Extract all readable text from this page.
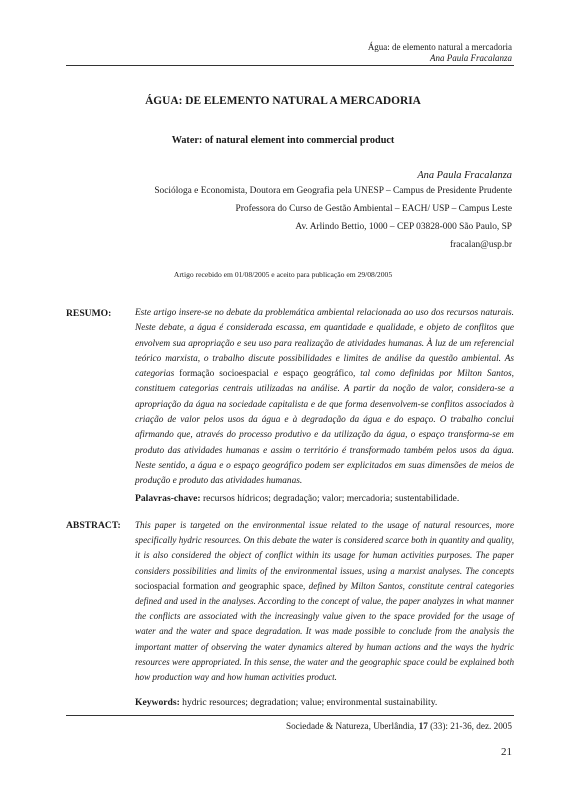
Água: de elemento natural a mercadoria
Ana Paula Fracalanza
ÁGUA: DE ELEMENTO NATURAL A MERCADORIA
Water: of natural element into commercial product
Ana Paula Fracalanza
Socióloga e Economista, Doutora em Geografia pela UNESP – Campus de Presidente Prudente
Professora do Curso de Gestão Ambiental – EACH/ USP – Campus Leste
Av. Arlindo Bettio, 1000 – CEP 03828-000 São Paulo, SP
fracalan@usp.br
Artigo recebido em 01/08/2005 e aceito para publicação em 29/08/2005
RESUMO:	Este artigo insere-se no debate da problemática ambiental relacionada ao uso dos recursos naturais. Neste debate, a água é considerada escassa, em quantidade e qualidade, e objeto de conflitos que envolvem sua apropriação e seu uso para realização de atividades humanas. À luz de um referencial teórico marxista, o trabalho discute possibilidades e limites de análise da questão ambiental. As categorias formação socioespacial e espaço geográfico, tal como definidas por Milton Santos, constituem categorias centrais utilizadas na análise. A partir da noção de valor, considera-se a apropriação da água na sociedade capitalista e de que forma desenvolvem-se conflitos associados à criação de valor pelos usos da água e à degradação da água e do espaço. O trabalho conclui afirmando que, através do processo produtivo e da utilização da água, o espaço transforma-se em produto das atividades humanas e assim o território é transformado também pelos usos da água. Neste sentido, a água e o espaço geográfico podem ser explicitados em suas dimensões de meios de produção e produto das atividades humanas.
Palavras-chave: recursos hídricos; degradação; valor; mercadoria; sustentabilidade.
ABSTRACT: This paper is targeted on the environmental issue related to the usage of natural resources, more specifically hydric resources. On this debate the water is considered scarce both in quantity and quality, it is also considered the object of conflict within its usage for human activities purposes. The paper considers possibilities and limits of the environmental issues, using a marxist analyses. The concepts sociospacial formation and geographic space, defined by Milton Santos, constitute central categories defined and used in the analyses. According to the concept of value, the paper analyzes in what manner the conflicts are associated with the increasingly value given to the space provided for the usage of water and the water and space degradation. It was made possible to conclude from the analysis the important matter of observing the water dynamics altered by human actions and the ways the hydric resources were appropriated. In this sense, the water and the geographic space could be explained both how production way and how human activities product.
Keywords: hydric resources; degradation; value; environmental sustainability.
Sociedade & Natureza, Uberlândia, 17 (33): 21-36, dez. 2005
21
